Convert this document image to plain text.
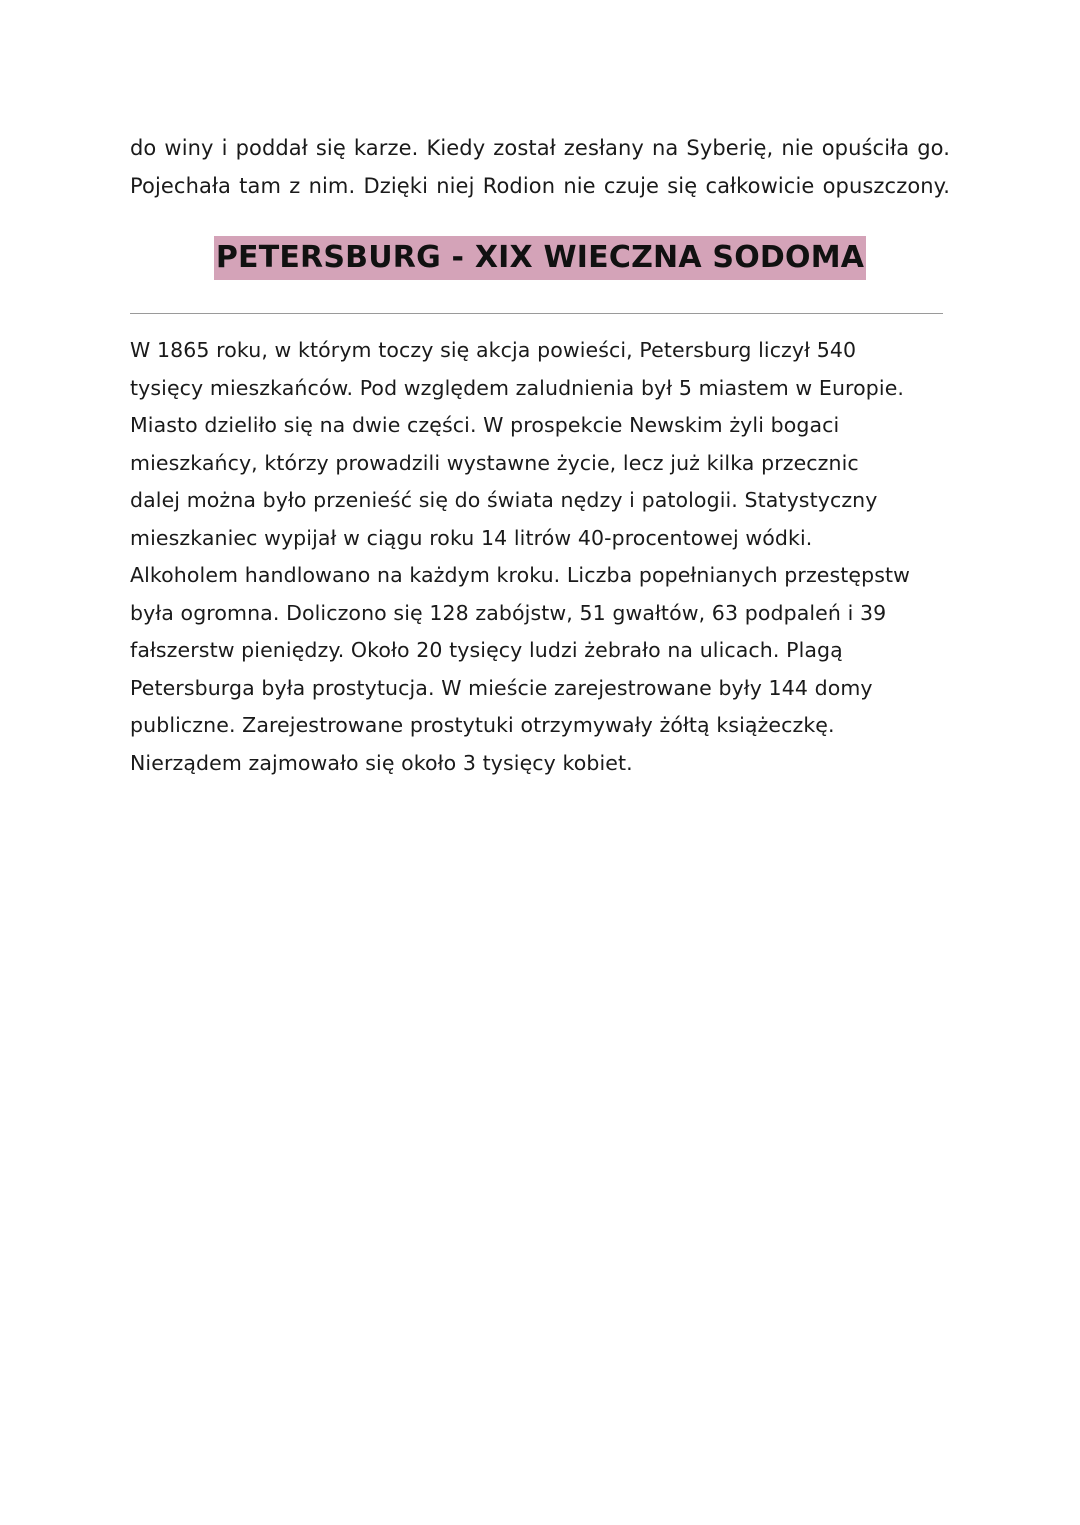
do winy i poddał się karze. Kiedy został zesłany na Syberię, nie opuściła go.
Pojechała tam z nim. Dzięki niej Rodion nie czuje się całkowicie opuszczony.
PETERSBURG - XIX WIECZNA SODOMA
W 1865 roku, w którym toczy się akcja powieści, Petersburg liczył 540
tysięcy mieszkańców. Pod względem zaludnienia był 5 miastem w Europie.
Miasto dzieliło się na dwie części. W prospekcie Newskim żyli bogaci
mieszkańcy, którzy prowadzili wystawne życie, lecz już kilka przecznic
dalej można było przenieść się do świata nędzy i patologii. Statystyczny
mieszkaniec wypijał w ciągu roku 14 litrów 40-procentowej wódki.
Alkoholem handlowano na każdym kroku. Liczba popełnianych przestępstw
była ogromna. Doliczono się 128 zabójstw, 51 gwałtów, 63 podpaleń i 39
fałszerstw pieniędzy. Około 20 tysięcy ludzi żebrało na ulicach. Plagą
Petersburga była prostytucja. W mieście zarejestrowane były 144 domy
publiczne. Zarejestrowane prostytuki otrzymywały żółtą książeczkę.
Nierządem zajmowało się około 3 tysięcy kobiet.
